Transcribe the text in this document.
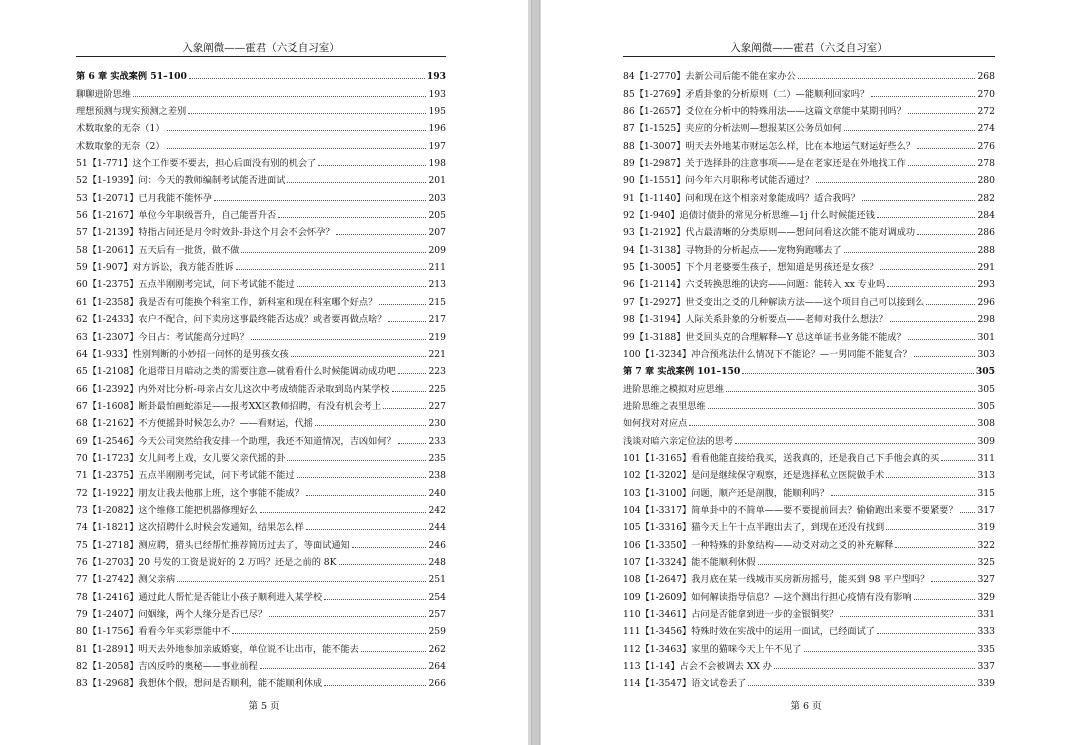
入象阐微——霍君（六爻自习室）
第 6 章 实战案例 51–100	193
聊聊进阶思维	193
理想预测与现实预测之差别	195
术数取象的无奈（1）	196
术数取象的无奈（2）	197
51【1-771】这个工作要不要去，担心后面没有别的机会了	198
52【1-1939】问：今天的教师编制考试能否进面试	201
53【1-2071】已月我能不能怀孕	203
56【1-2167】单位今年职级晋升，自己能晋升否	205
57【1-2139】特指占问还是月令时效卦-卦这个月会不会怀孕？	207
58【1-2061】五天后有一批货，做不做	209
59【1-907】对方诉讼，我方能否胜诉	211
60【1-2375】五点半刚刚考完试，问下考试能不能过	213
61【1-2358】我是否有可能换个科室工作，新科室和现在科室哪个好点？	215
62【1-2433】农户不配合，问下卖房这事最终能否达成？或者要再做点啥？	217
63【1-2307】今日占：考试能高分过吗？	219
64【1-933】性别判断的小妙招一问怀的是男孩女孩	221
65【1-2108】化退带日月暗动之类的需要注意—就看看什么时候能调动成功吧	223
66【1-2392】内外对比分析-母亲占女儿这次中考成绩能否录取到岛内某学校	225
67【1-1608】断卦最怕画蛇添足——报考XX区教师招聘，有没有机会考上	227
68【1-2162】不方便摇卦时候怎么办？——看财运，代摇	230
69【1-2546】今天公司突然给我安排一个助理，我还不知道情况，吉凶如何？	233
70【1-1723】女儿间考上戏，女儿要父亲代摇的卦	235
71【1-2375】五点半刚刚考完试，问下考试能不能过	238
72【1-1922】朋友让我去他那上班，这个事能不能成？	240
73【1-2082】这个维修工能把机器修理好么	242
74【1-1821】这次招聘什么时候会发通知，结果怎么样	244
75【1-2718】测应聘，猎头已经帮忙推荐简历过去了，等面试通知	246
76【1-2703】20 号发的工资是说好的 2 万吗？还是之前的 8K	248
77【1-2742】测父亲病	251
78【1-2416】通过此人帮忙是否能让小孩子顺利进入某学校	254
79【1-2407】问姻缘，两个人缘分是否已尽？	257
80【1-1756】看看今年买彩票能中不	259
81【1-2891】明天去外地参加亲戚婚宴，单位说不让出市，能不能去	262
82【1-2058】吉凶反吟的奥秘——事业前程	264
83【1-2968】我想休个假，想问是否顺利，能不能顺利休成	266
第 5 页
入象阐微——霍君（六爻自习室）
84【1-2770】去新公司后能不能在家办公	268
85【1-2769】矛盾卦象的分析原则（二）—能顺利回家吗？	270
86【1-2657】爻位在分析中的特殊用法——这篇文章能中某期刊吗？	272
87【1-1525】夹应的分析法则—想报某区公务员如何	274
88【1-3007】明天去外地某市财运怎么样，比在本地运气财运好些么？	276
89【1-2987】关于选择卦的注意事项——是在老家还是在外地找工作	278
90【1-1551】问今年六月职称考试能否通过？	280
91【1-1140】问和现在这个相亲对象能成吗？适合我吗？	282
92【1-940】追债讨债卦的常见分析思维—1j 什么时候能还钱	284
93【1-2192】代占最清晰的分类原则——想问问看这次能不能对调成功	286
94【1-3138】寻物卦的分析起点——宠物狗跑哪去了	288
95【1-3005】下个月老婆要生孩子，想知道是男孩还是女孩？	291
96【1-2114】六爻转换思维的诀窍——问题：能转入 xx 专业吗	293
97【1-2927】世爻变出之爻的几种解读方法——这个项目自己可以接到么	296
98【1-3194】人际关系卦象的分析要点——老师对我什么想法？	298
99【1-3188】世爻回头克的合理解释—Y 总这单证书业务能不能成？	301
100【1-3234】冲合预兆法什么情况下不能论？—一男同能不能复合？	303
第 7 章 实战案例 101–150	305
进阶思维之模拟对应思维	305
进阶思维之表里思维	305
如何找对对应点	308
浅谈对暗六亲定位法的思考	309
101【1-3165】看看他能直接给我买，送我真的，还是我自己下手他会真的买	311
102【1-3202】是问是继续保守观察，还是选择私立医院做手术	313
103【1-3100】问题，顺产还是剖腹，能顺利吗？	315
104【1-3317】简单卦中的不简单——要不要提前回去？偷偷跑出来要不要紧要？ 317
105【1-3316】猫今天上午十点半跑出去了，到现在还没有找到	319
106【1-3350】一种特殊的卦象结构——动爻对动之爻的补充解释	322
107【1-3324】能不能顺利休假	325
108【1-2647】我月底在某一线城市买房新房摇号，能买到 98 平户型吗？	327
109【1-2609】如何解读指导信息？—这个测出行担心疫情有没有影响	329
110【1-3461】占问是否能拿到进一步的金银铜奖？	331
111【1-3456】特殊时效在实战中的运用一面试，已经面试了	333
112【1-3463】家里的猫咪今天上午不见了	335
113【1-14】占会不会被调去 XX 办	337
114【1-3547】语文试卷丢了	339
第 6 页
